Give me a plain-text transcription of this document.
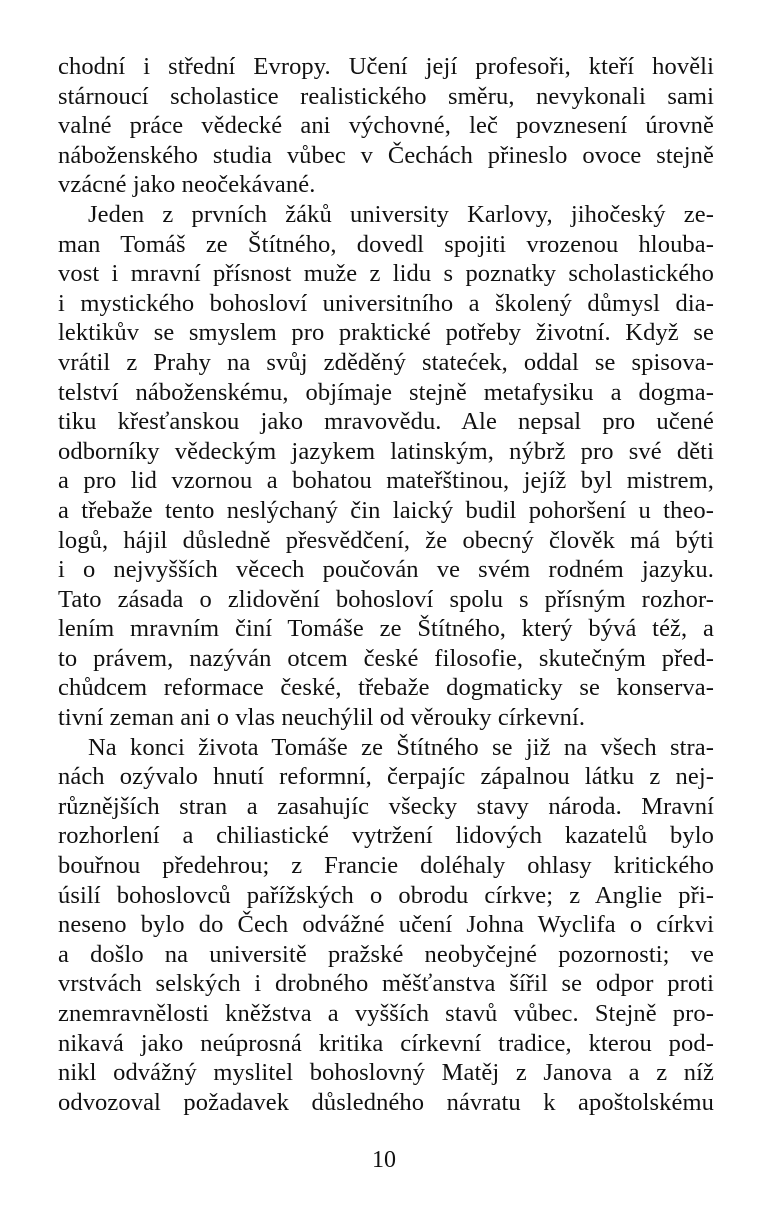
chodní i střední Evropy. Učení její profesoři, kteří hověli
stárnoucí scholastice realistického směru, nevykonali sami
valné práce vědecké ani výchovné, leč povznesení úrovně
náboženského studia vůbec v Čechách přineslo ovoce stejně
vzácné jako neočekávané.
Jeden z prvních žáků university Karlovy, jihočeský ze-
man Tomáš ze Štítného, dovedl spojiti vrozenou hlouba-
vost i mravní přísnost muže z lidu s poznatky scholastického
i mystického bohosloví universitního a školený důmysl dia-
lektikův se smyslem pro praktické potřeby životní. Když se
vrátil z Prahy na svůj zděděný statećek, oddal se spisova-
telství náboženskému, objímaje stejně metafysiku a dogma-
tiku křesťanskou jako mravovědu. Ale nepsal pro učené
odborníky vědeckým jazykem latinským, nýbrž pro své děti
a pro lid vzornou a bohatou mateřštinou, jejíž byl mistrem,
a třebaže tento neslýchaný čin laický budil pohoršení u theo-
logů, hájil důsledně přesvědčení, že obecný člověk má býti
i o nejvyšších věcech poučován ve svém rodném jazyku.
Tato zásada o zlidovění bohosloví spolu s přísným rozhor-
lením mravním činí Tomáše ze Štítného, který bývá též, a
to právem, nazýván otcem české filosofie, skutečným před-
chůdcem reformace české, třebaže dogmaticky se konserva-
tivní zeman ani o vlas neuchýlil od věrouky církevní.
Na konci života Tomáše ze Štítného se již na všech stra-
nách ozývalo hnutí reformní, čerpajíc zápalnou látku z nej-
různějších stran a zasahujíc všecky stavy národa. Mravní
rozhorlení a chiliastické vytržení lidových kazatelů bylo
bouřnou předehrou; z Francie doléhaly ohlasy kritického
úsilí bohoslovců pařížských o obrodu církve; z Anglie při-
neseno bylo do Čech odvážné učení Johna Wyclifa o církvi
a došlo na universitě pražské neobyčejné pozornosti; ve
vrstvách selských i drobného měšťanstva šířil se odpor proti
znemravnělosti kněžstva a vyšších stavů vůbec. Stejně pro-
nikavá jako neúprosná kritika církevní tradice, kterou pod-
nikl odvážný myslitel bohoslovný Matěj z Janova a z níž
odvozoval požadavek důsledného návratu k apoštolskému
10
